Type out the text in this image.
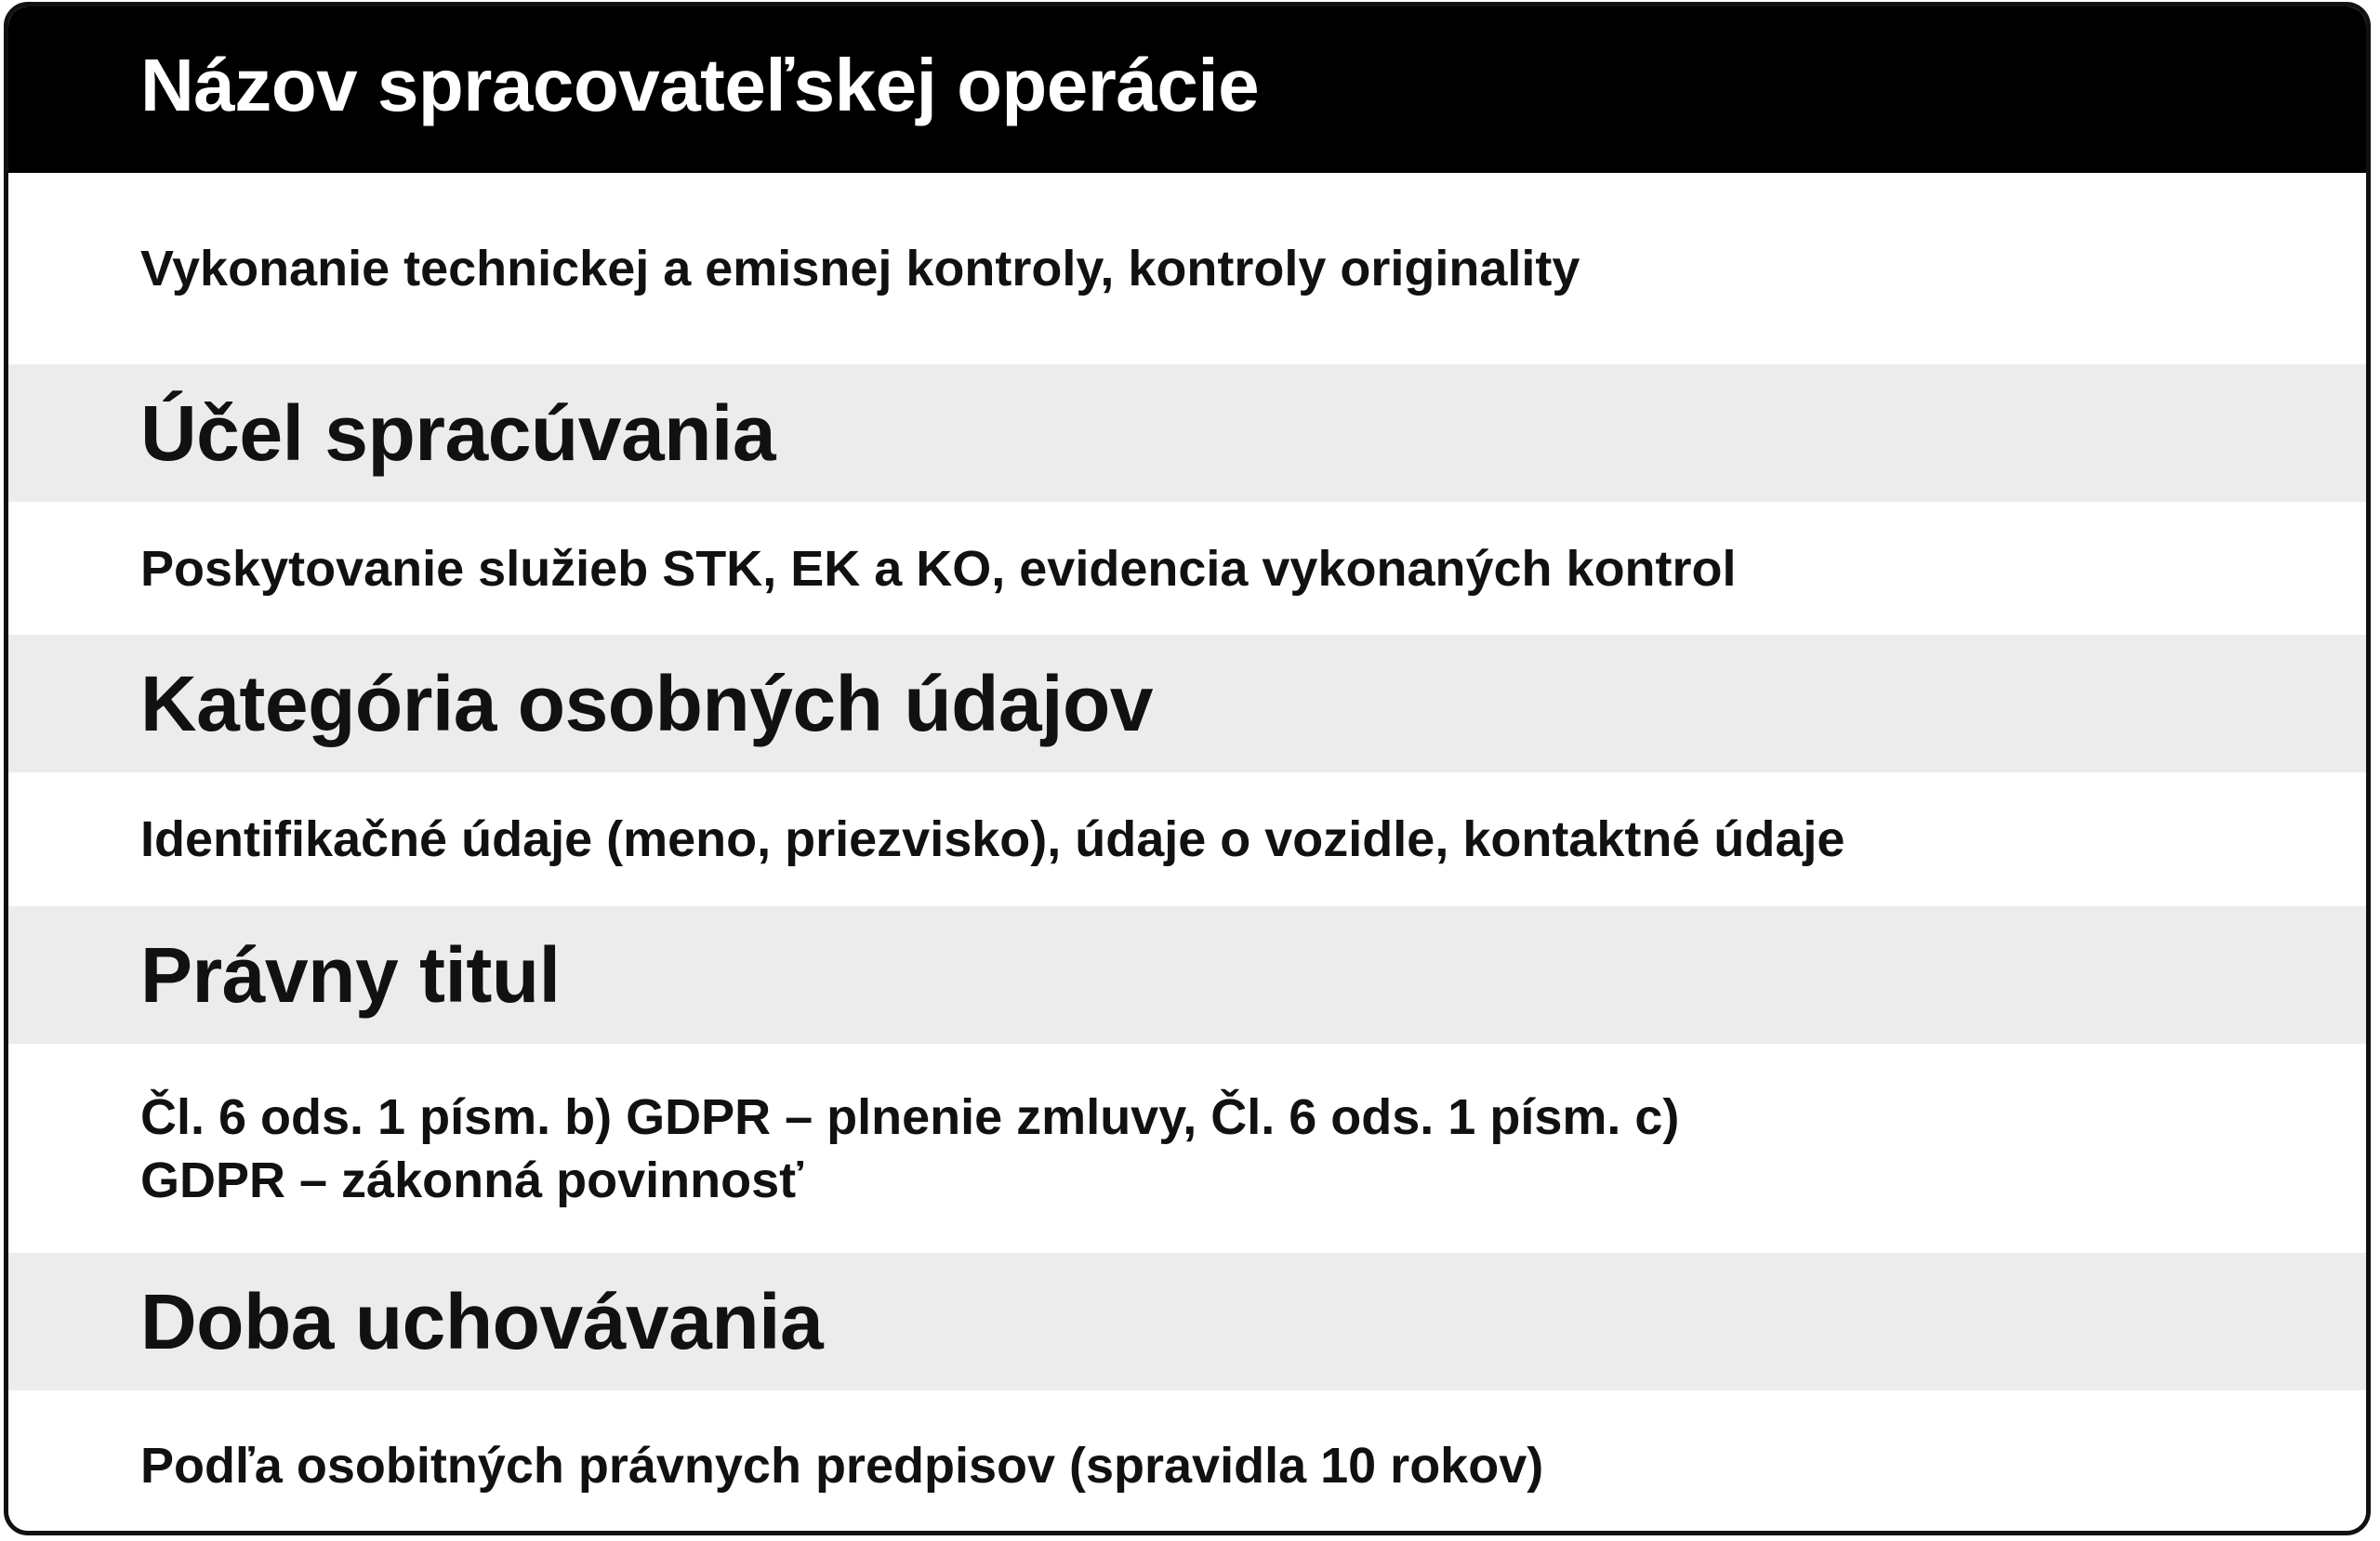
Názov spracovateľskej operácie
Vykonanie technickej a emisnej kontroly, kontroly originality
Účel spracúvania
Poskytovanie služieb STK, EK a KO, evidencia vykonaných kontrol
Kategória osobných údajov
Identifikačné údaje (meno, priezvisko), údaje o vozidle, kontaktné údaje
Právny titul
Čl. 6 ods. 1 písm. b) GDPR – plnenie zmluvy, Čl. 6 ods. 1 písm. c)
GDPR – zákonná povinnosť
Doba uchovávania
Podľa osobitných právnych predpisov (spravidla 10 rokov)
